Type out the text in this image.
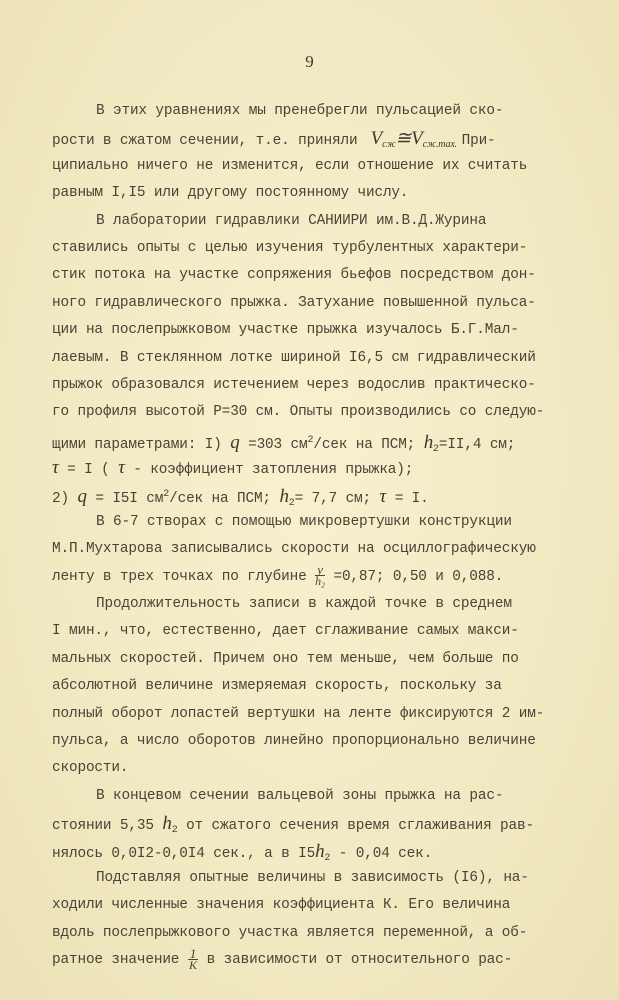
9
В этих уравнениях мы пренебрегли пульсацией ско-
рости в сжатом сечении, т.е. приняли $V_{сж}≅V_{сж.тах.}$ При-
ципиально ничего не изменится, если отношение их считать
равным I,I5 или другому постоянному числу.
В лаборатории гидравлики САНИИРИ им.В.Д.Журина
ставились опыты с целью изучения турбулентных характери-
стик потока на участке сопряжения бьефов посредством дон-
ного гидравлического прыжка. Затухание повышенной пульса-
ции на послепрыжковом участке прыжка изучалось Б.Г.Мал-
лаевым. В стеклянном лотке шириной I6,5 см гидравлический
прыжок образовался истечением через водослив практическо-
го профиля высотой P=30 см. Опыты производились со следую-
щими параметрами: I) q =303 $см^2$/сек на ПСМ; $h_2=II,4$ см;
τ = I ( τ - коэффициент затопления прыжка);
2) q = I5I $см^2$/сек на ПСМ; $h_2= 7,7$ см; τ = I.
В 6-7 створах с помощью микровертушки конструкции
М.П.Мухтарова записывались скорости на осциллографическую
ленту в трех точках по глубине $\frac{y}{\text{h₂}} =0,87$; 0,50 и 0,088.
Продолжительность записи в каждой точке в среднем
I мин., что, естественно, дает сглаживание самых макси-
мальных скоростей. Причем оно тем меньше, чем больше по
абсолютной величине измеряемая скорость, поскольку за
полный оборот лопастей вертушки на ленте фиксируются 2 им-
пульса, а число оборотов линейно пропорционально величине
скорости.
В концевом сечении вальцевой зоны прыжка на рас-
стоянии 5,35 $h_2$ от сжатого сечения время сглаживания рав-
нялось 0,0I2-0,0I4 сек., а в $I5h_2 - 0,04$ сек.
Подставляя опытные величины в зависимость (I6), на-
ходили численные значения коэффициента К. Его величина
вдоль послепрыжкового участка является переменной, а об-
ратное значение $\frac{1}{K}$ в зависимости от относительного рас-
